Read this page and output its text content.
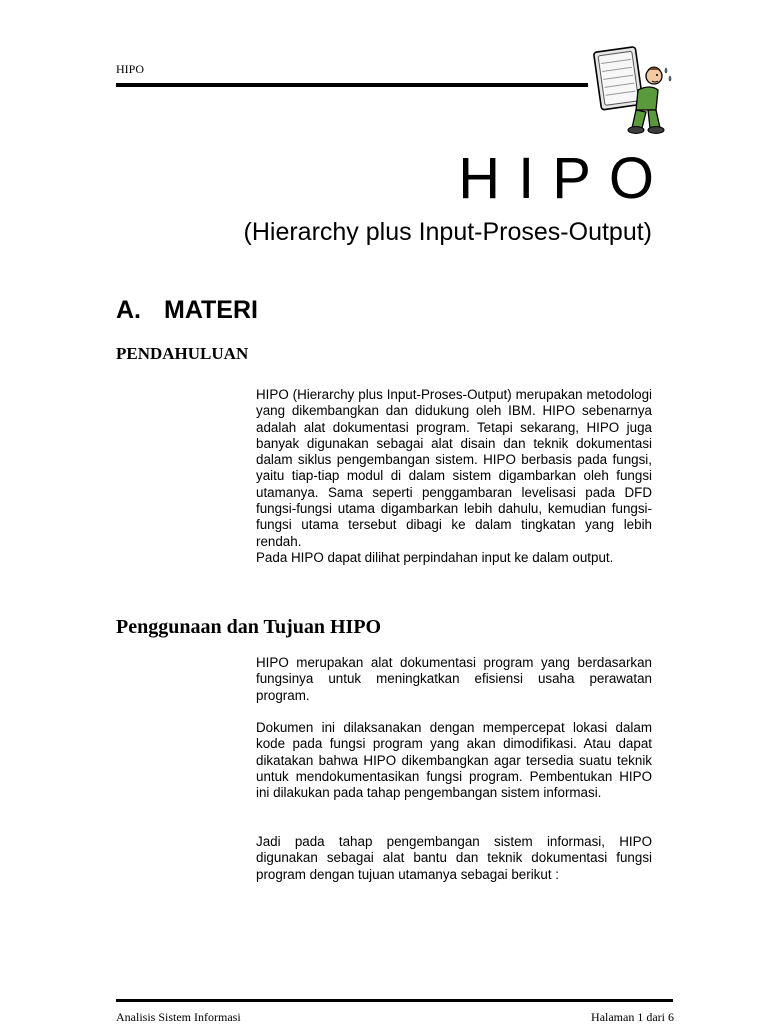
HIPO
HIPO
(Hierarchy plus Input-Proses-Output)
A. MATERI
PENDAHULUAN

HIPO (Hierarchy plus Input-Proses-Output) merupakan metodologi yang dikembangkan dan didukung oleh IBM. HIPO sebenarnya adalah alat dokumentasi program. Tetapi sekarang, HIPO juga banyak digunakan sebagai alat disain dan teknik dokumentasi dalam siklus pengembangan sistem. HIPO berbasis pada fungsi, yaitu tiap-tiap modul di dalam sistem digambarkan oleh fungsi utamanya. Sama seperti penggambaran levelisasi pada DFD fungsi-fungsi utama digambarkan lebih dahulu, kemudian fungsi-fungsi utama tersebut dibagi ke dalam tingkatan yang lebih rendah.
Pada HIPO dapat dilihat perpindahan input ke dalam output.

Penggunaan dan Tujuan HIPO

HIPO merupakan alat dokumentasi program yang berdasarkan fungsinya untuk meningkatkan efisiensi usaha perawatan program.

Dokumen ini dilaksanakan dengan mempercepat lokasi dalam kode pada fungsi program yang akan dimodifikasi. Atau dapat dikatakan bahwa HIPO dikembangkan agar tersedia suatu teknik untuk mendokumentasikan fungsi program. Pembentukan HIPO ini dilakukan pada tahap pengembangan sistem informasi.

Jadi pada tahap pengembangan sistem informasi, HIPO digunakan sebagai alat bantu dan teknik dokumentasi fungsi program dengan tujuan utamanya sebagai berikut :

Analisis Sistem Informasi	Halaman 1 dari 6
